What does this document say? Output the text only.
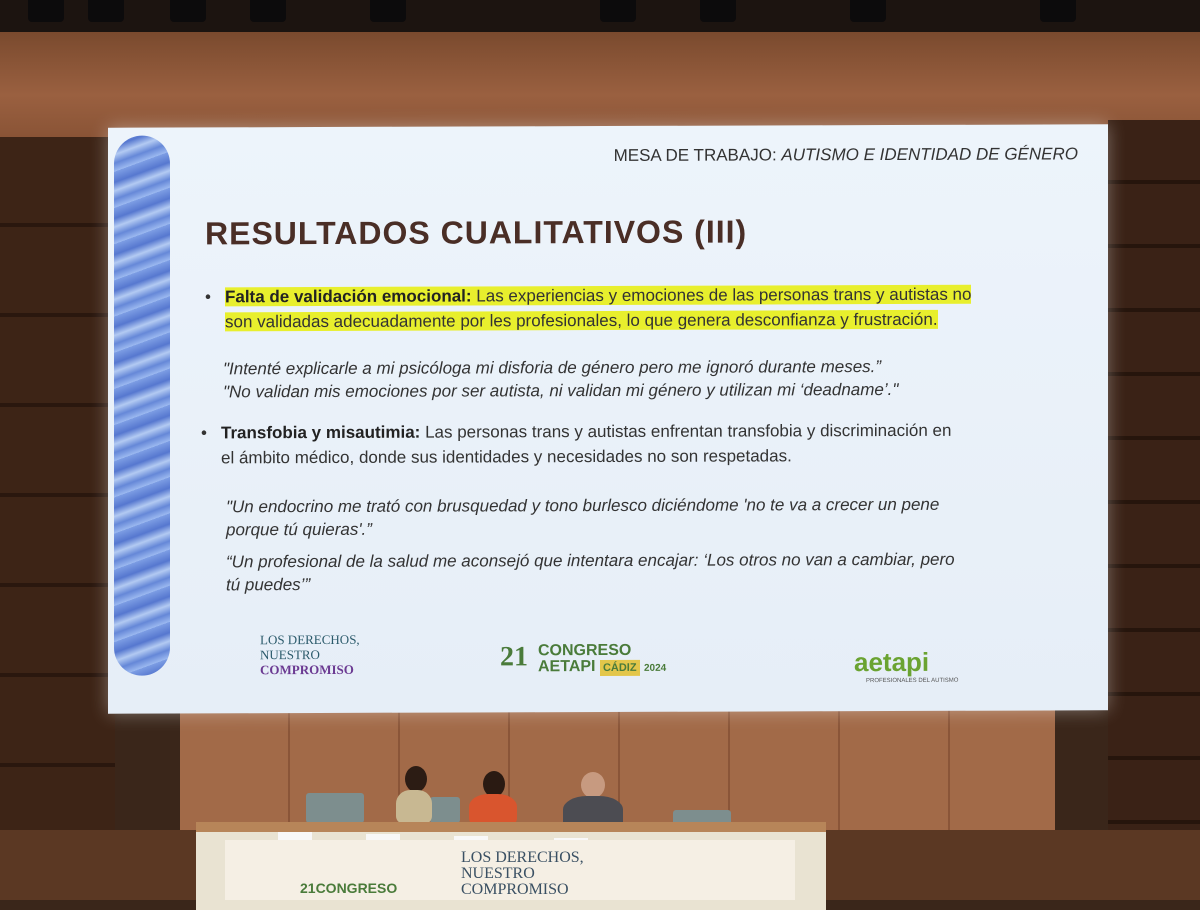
MESA DE TRABAJO: AUTISMO E IDENTIDAD DE GÉNERO
RESULTADOS CUALITATIVOS (III)
• Falta de validación emocional: Las experiencias y emociones de las personas trans y autistas no
son validadas adecuadamente por les profesionales, lo que genera desconfianza y frustración.
"Intenté explicarle a mi psicóloga mi disforia de género pero me ignoró durante meses.”
"No validan mis emociones por ser autista, ni validan mi género y utilizan mi ‘deadname’."
• Transfobia y misautimia: Las personas trans y autistas enfrentan transfobia y discriminación en
el ámbito médico, donde sus identidades y necesidades no son respetadas.
"Un endocrino me trató con brusquedad y tono burlesco diciéndome 'no te va a crecer un pene
porque tú quieras'.”
“Un profesional de la salud me aconsejó que intentara encajar: ‘Los otros no van a cambiar, pero
tú puedes’”
LOS DERECHOS,
NUESTRO
COMPROMISO	21 CONGRESO
AETAPI CÁDIZ 2024	aetapi
PROFESIONALES DEL AUTISMO
LOS DERECHOS,
NUESTRO
COMPROMISO
21CONGRESO
